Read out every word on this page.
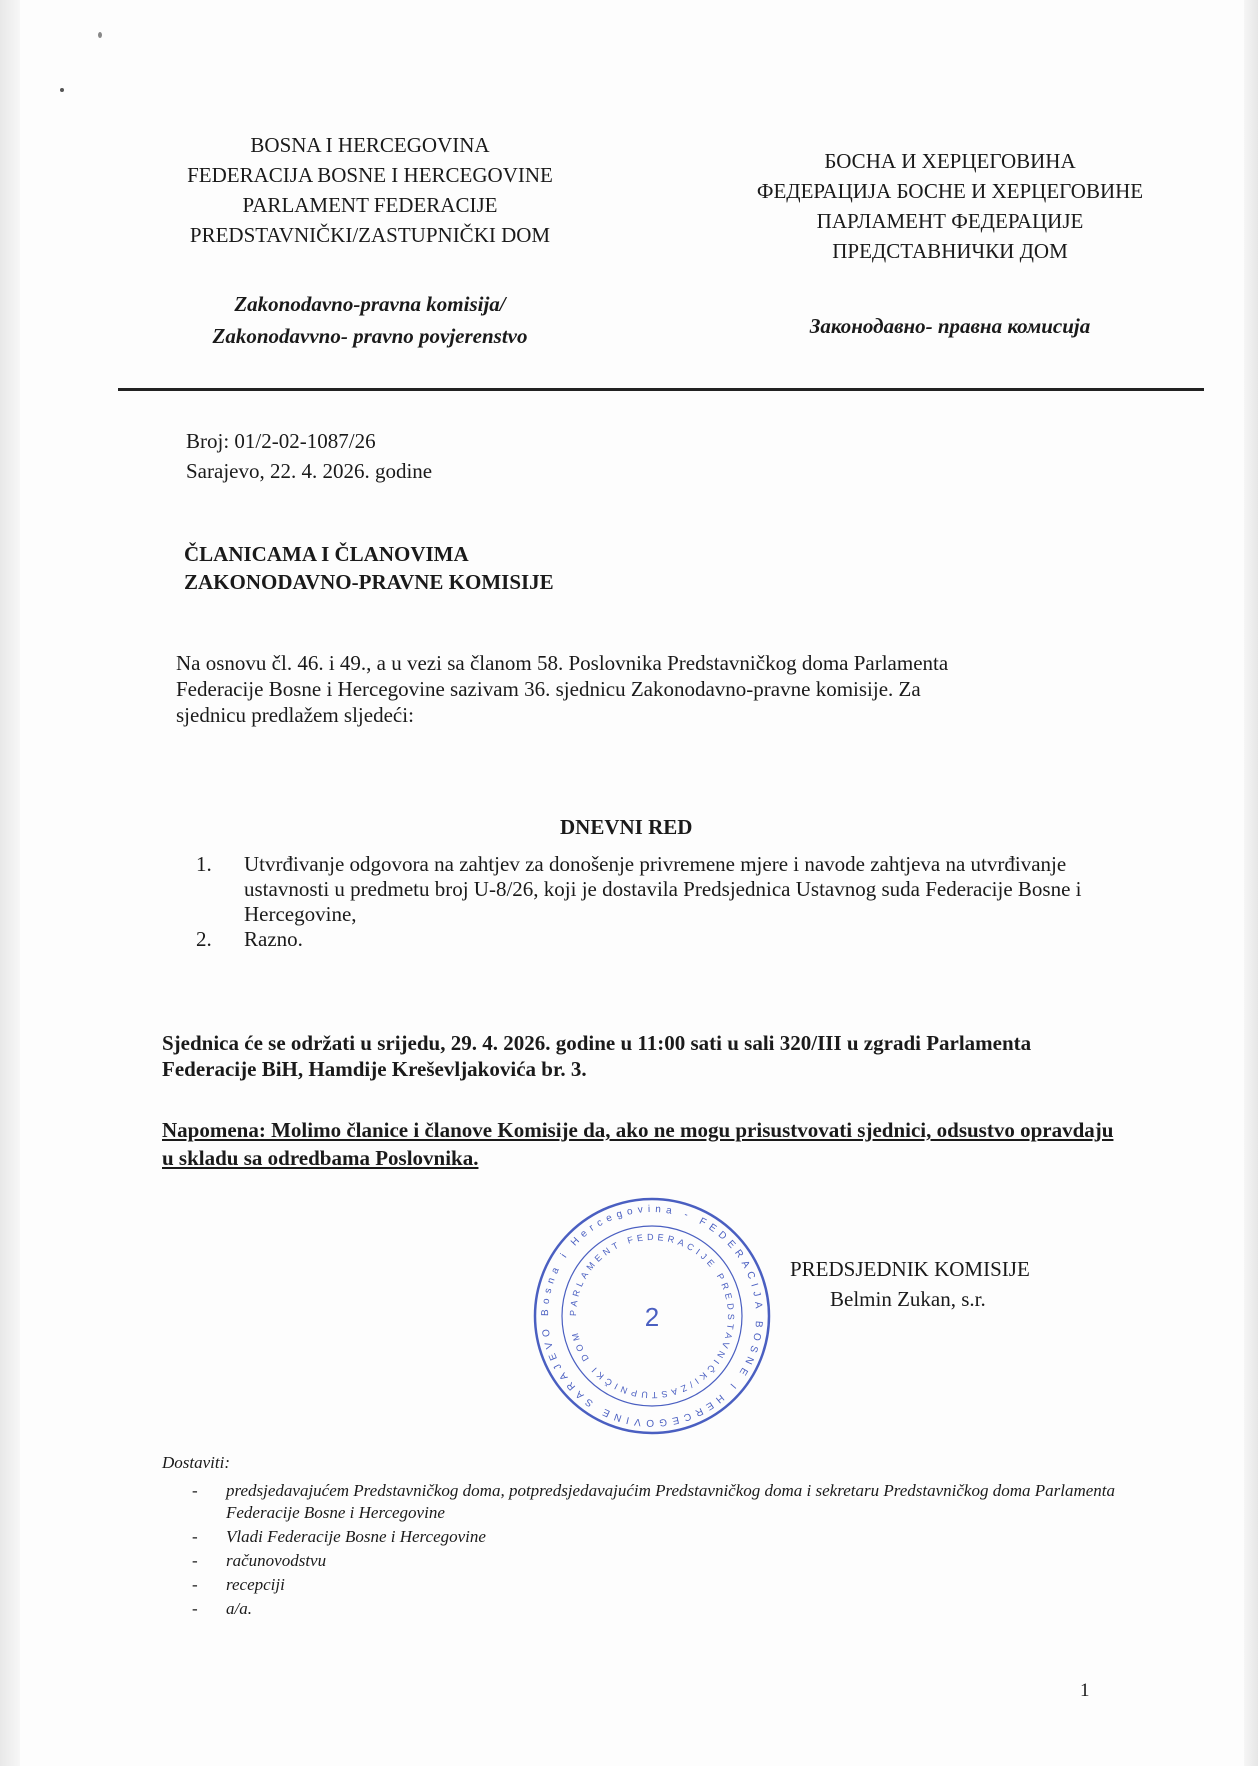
BOSNA I HERCEGOVINA
FEDERACIJA BOSNE I HERCEGOVINE
PARLAMENT FEDERACIJE
PREDSTAVNIČKI/ZASTUPNIČKI DOM
Zakonodavno-pravna komisija/
Zakonodavvno- pravno povjerenstvo
БОСНА И ХЕРЦЕГОВИНА
ФЕДЕРАЦИЈА БОСНЕ И ХЕРЦЕГОВИНЕ
ПАРЛАМЕНТ ФЕДЕРАЦИЈЕ
ПРЕДСТАВНИЧКИ ДОМ
Законодавно- правна комисија
Broj: 01/2-02-1087/26
Sarajevo, 22. 4. 2026. godine
ČLANICAMA I ČLANOVIMA
ZAKONODAVNO-PRAVNE KOMISIJE
Na osnovu čl. 46. i 49., a u vezi sa članom 58. Poslovnika Predstavničkog doma Parlamenta
Federacije Bosne i Hercegovine sazivam 36. sjednicu Zakonodavno-pravne komisije. Za
sjednicu predlažem sljedeći:
DNEVNI RED
1. Utvrđivanje odgovora na zahtjev za donošenje privremene mjere i navode zahtjeva na utvrđivanje ustavnosti u predmetu broj U-8/26, koji je dostavila Predsjednica Ustavnog suda Federacije Bosne i Hercegovine,
2. Razno.
Sjednica će se održati u srijedu, 29. 4. 2026. godine u 11:00 sati u sali 320/III u zgradi Parlamenta Federacije BiH, Hamdije Kreševljakovića br. 3.
Napomena: Molimo članice i članove Komisije da, ako ne mogu prisustvovati sjednici, odsustvo opravdaju u skladu sa odredbama Poslovnika.
Bosna i Hercegovina - FEDERACIJA BOSNE I HERCEGOVINE SARAJEVO
PARLAMENT FEDERACIJE PREDSTAVNIČKI/ZASTUPNIČKI DOM
2
PREDSJEDNIK KOMISIJE
Belmin Zukan, s.r.
Dostaviti:
- predsjedavajućem Predstavničkog doma, potpredsjedavajućim Predstavničkog doma i sekretaru Predstavničkog doma Parlamenta Federacije Bosne i Hercegovine
- Vladi Federacije Bosne i Hercegovine
- računovodstvu
- recepciji
- a/a.
1
